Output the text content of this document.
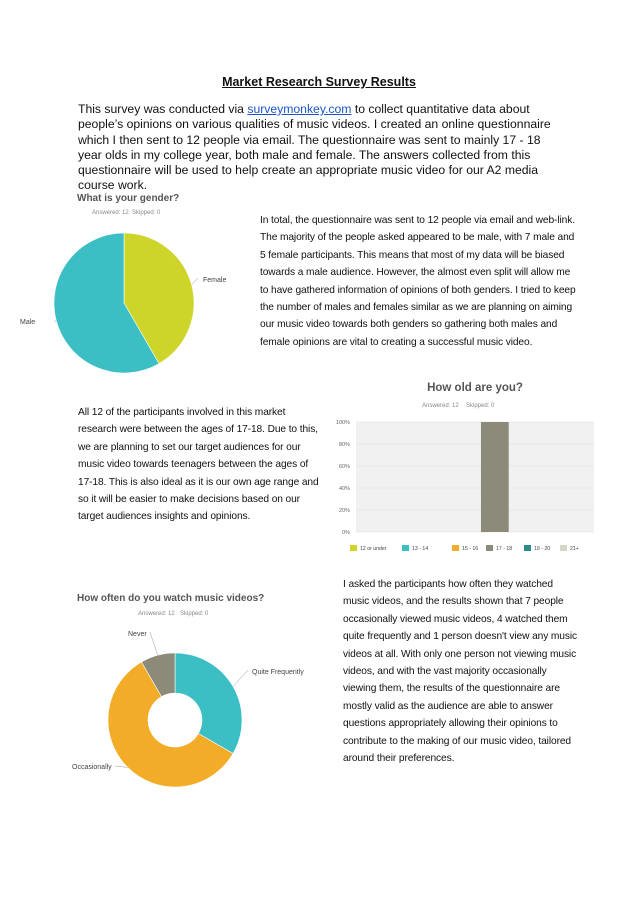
Market Research Survey Results
This survey was conducted via surveymonkey.com to collect quantitative data about people’s opinions on various qualities of music videos. I created an online questionnaire which I then sent to 12 people via email. The questionnaire was sent to mainly 17 - 18 year olds in my college year, both male and female. The answers collected from this questionnaire will be used to help create an appropriate music video for our A2 media course work.
What is your gender?
Answered: 12 Skipped: 0
Female
Male
In total, the questionnaire was sent to 12 people via email and web-link. The majority of the people asked appeared to be male, with 7 male and 5 female participants. This means that most of my data will be biased towards a male audience. However, the almost even split will allow me to have gathered information of opinions of both genders. I tried to keep the number of males and females similar as we are planning on aiming our music video towards both genders so gathering both males and female opinions are vital to creating a successful music video.
All 12 of the participants involved in this market research were between the ages of 17-18. Due to this, we are planning to set our target audiences for our music video towards teenagers between the ages of 17-18. This is also ideal as it is our own age range and so it will be easier to make decisions based on our target audiences insights and opinions.
How old are you?
Answered: 12 Skipped: 0
0%
20%
40%
60%
80%
100%
12 or under	13 - 14	15 - 16	17 - 18	19 - 20	21+
How often do you watch music videos?
Answered: 12 Skipped: 0
Quite Frequently
Occasionally
Never
I asked the participants how often they watched music videos, and the results shown that 7 people occasionally viewed music videos, 4 watched them quite frequently and 1 person doesn't view any music videos at all. With only one person not viewing music videos, and with the vast majority occasionally viewing them, the results of the questionnaire are mostly valid as the audience are able to answer questions appropriately allowing their opinions to contribute to the making of our music video, tailored around their preferences.
